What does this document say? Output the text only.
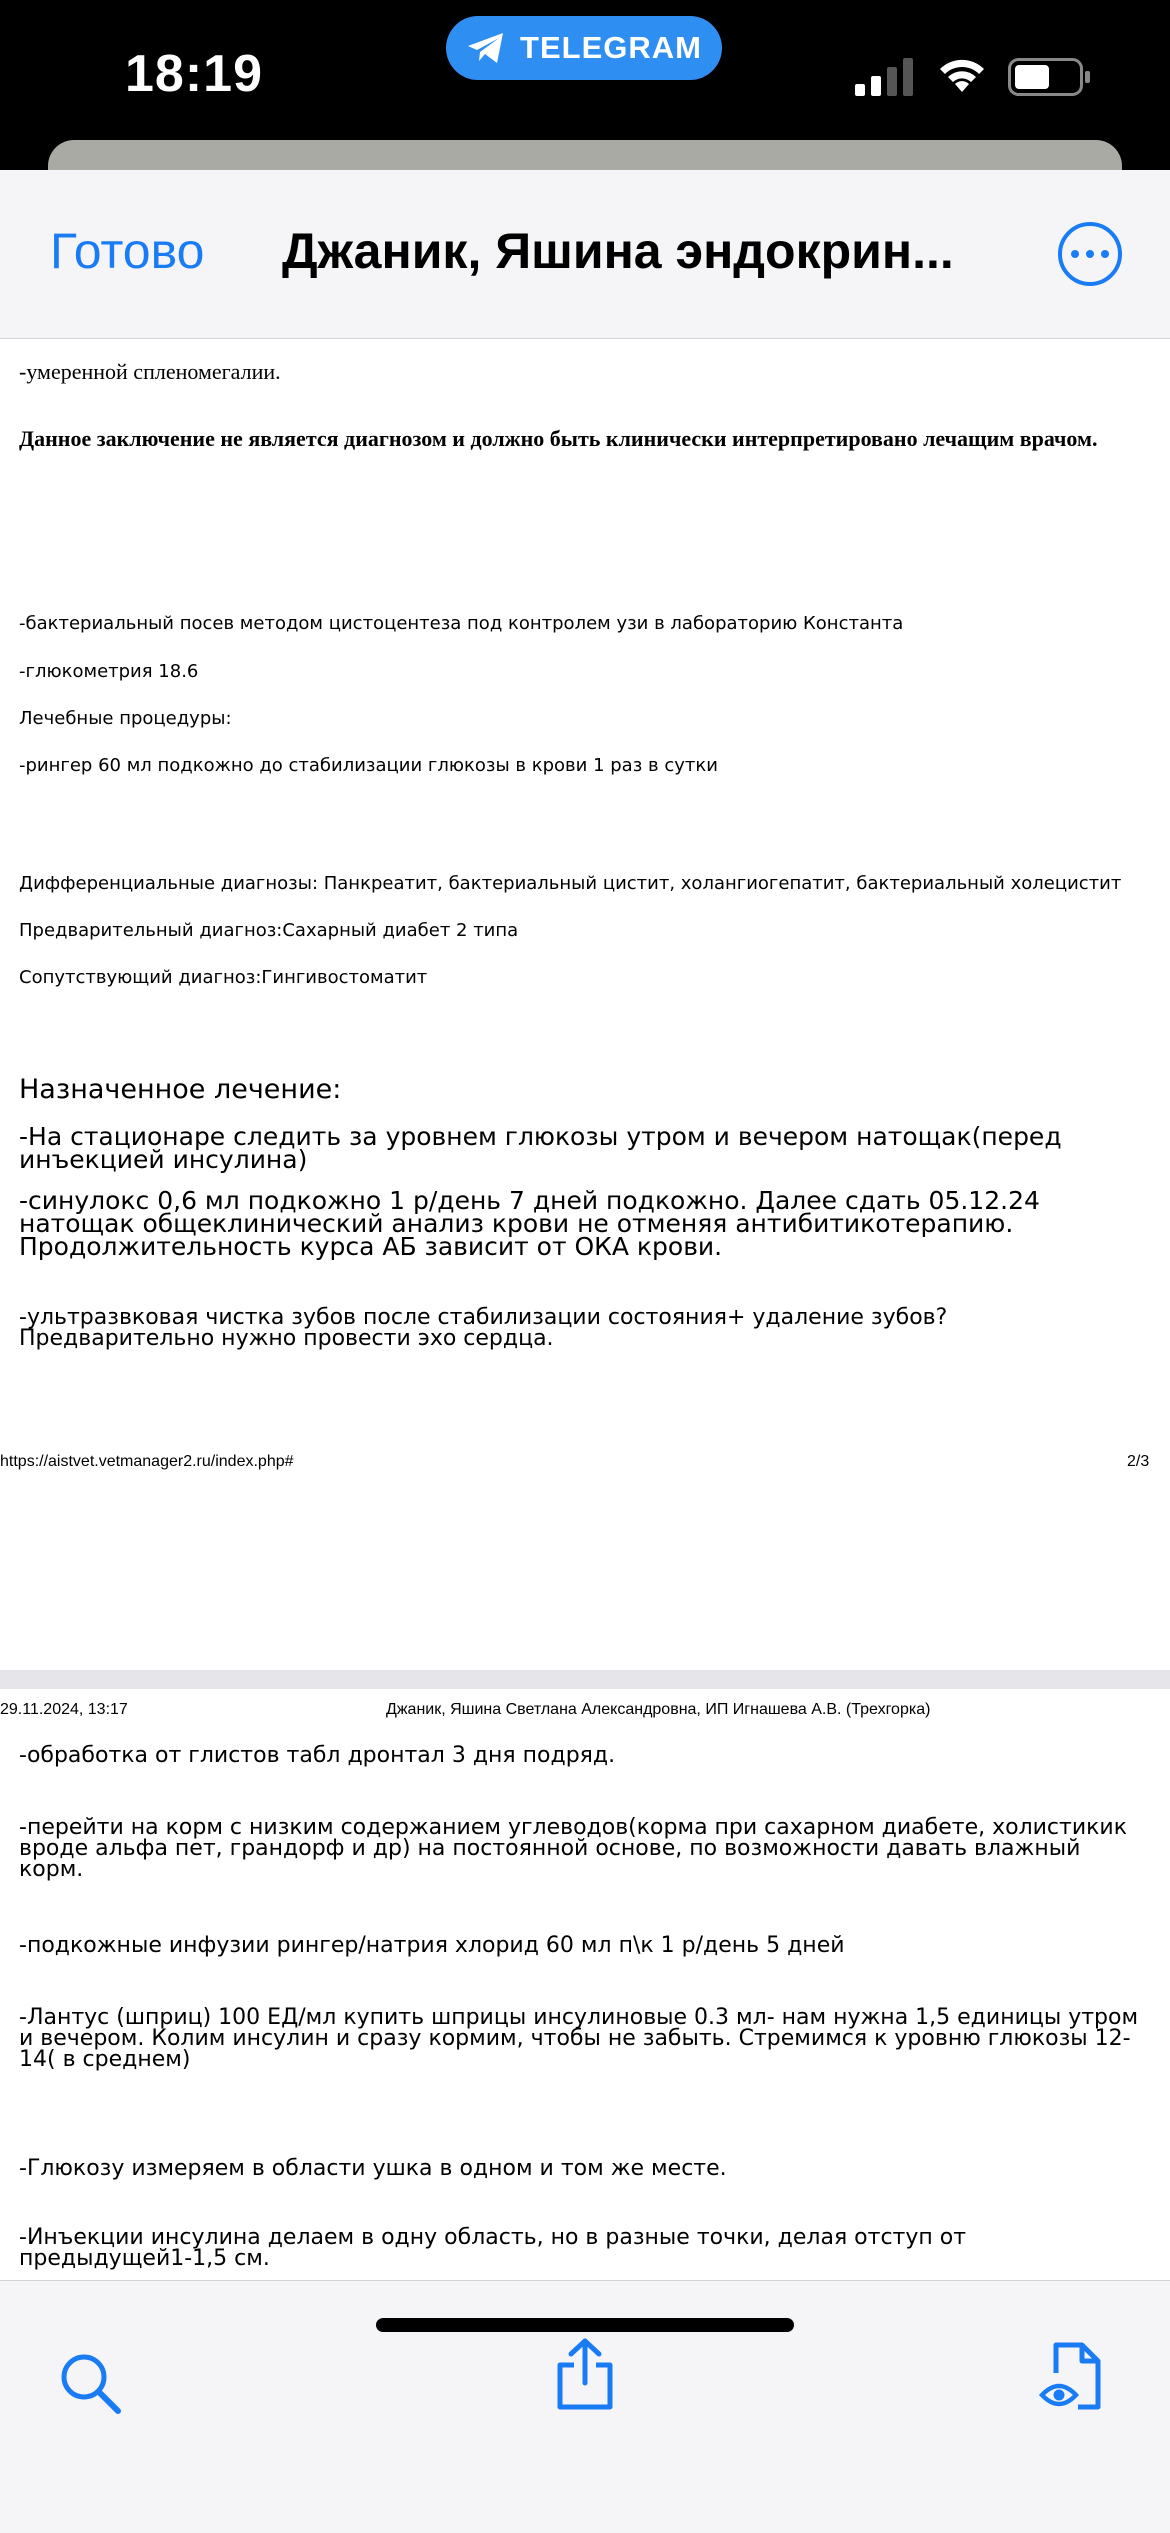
18:19	TELEGRAM
Готово Джаник, Яшина эндокрин...

-умеренной спленомегалии.

Данное заключение не является диагнозом и должно быть клинически интерпретировано лечащим врачом.

-бактериальный посев методом цистоцентеза под контролем узи в лабораторию Константа

-глюкометрия 18.6

Лечебные процедуры:

-рингер 60 мл подкожно до стабилизации глюкозы в крови 1 раз в сутки

Дифференциальные диагнозы: Панкреатит, бактериальный цистит, холангиогепатит, бактериальный холецистит

Предварительный диагноз:Сахарный диабет 2 типа

Сопутствующий диагноз:Гингивостоматит

Назначенное лечение:

-На стационаре следить за уровнем глюкозы утром и вечером натощак(перед инъекцией инсулина)

-синулокс 0,6 мл подкожно 1 р/день 7 дней подкожно. Далее сдать 05.12.24 натощак общеклинический анализ крови не отменяя антибитикотерапию. Продолжительность курса АБ зависит от ОКА крови.

-ультразвковая чистка зубов после стабилизации состояния+ удаление зубов? Предварительно нужно провести эхо сердца.

https://aistvet.vetmanager2.ru/index.php#	2/3
29.11.2024, 13:17	Джаник, Яшина Светлана Александровна, ИП Игнашева А.В. (Трехгорка)

-обработка от глистов табл дронтал 3 дня подряд.

-перейти на корм с низким содержанием углеводов(корма при сахарном диабете, холистикик вроде альфа пет, грандорф и др) на постоянной основе, по возможности давать влажный корм.

-подкожные инфузии рингер/натрия хлорид 60 мл п\к 1 р/день 5 дней

-Лантус (шприц) 100 ЕД/мл купить шприцы инсулиновые 0.3 мл- нам нужна 1,5 единицы утром и вечером. Колим инсулин и сразу кормим, чтобы не забыть. Стремимся к уровню глюкозы 12-14( в среднем)

-Глюкозу измеряем в области ушка в одном и том же месте.

-Инъекции инсулина делаем в одну область, но в разные точки, делая отступ от предыдущей1-1,5 см.
